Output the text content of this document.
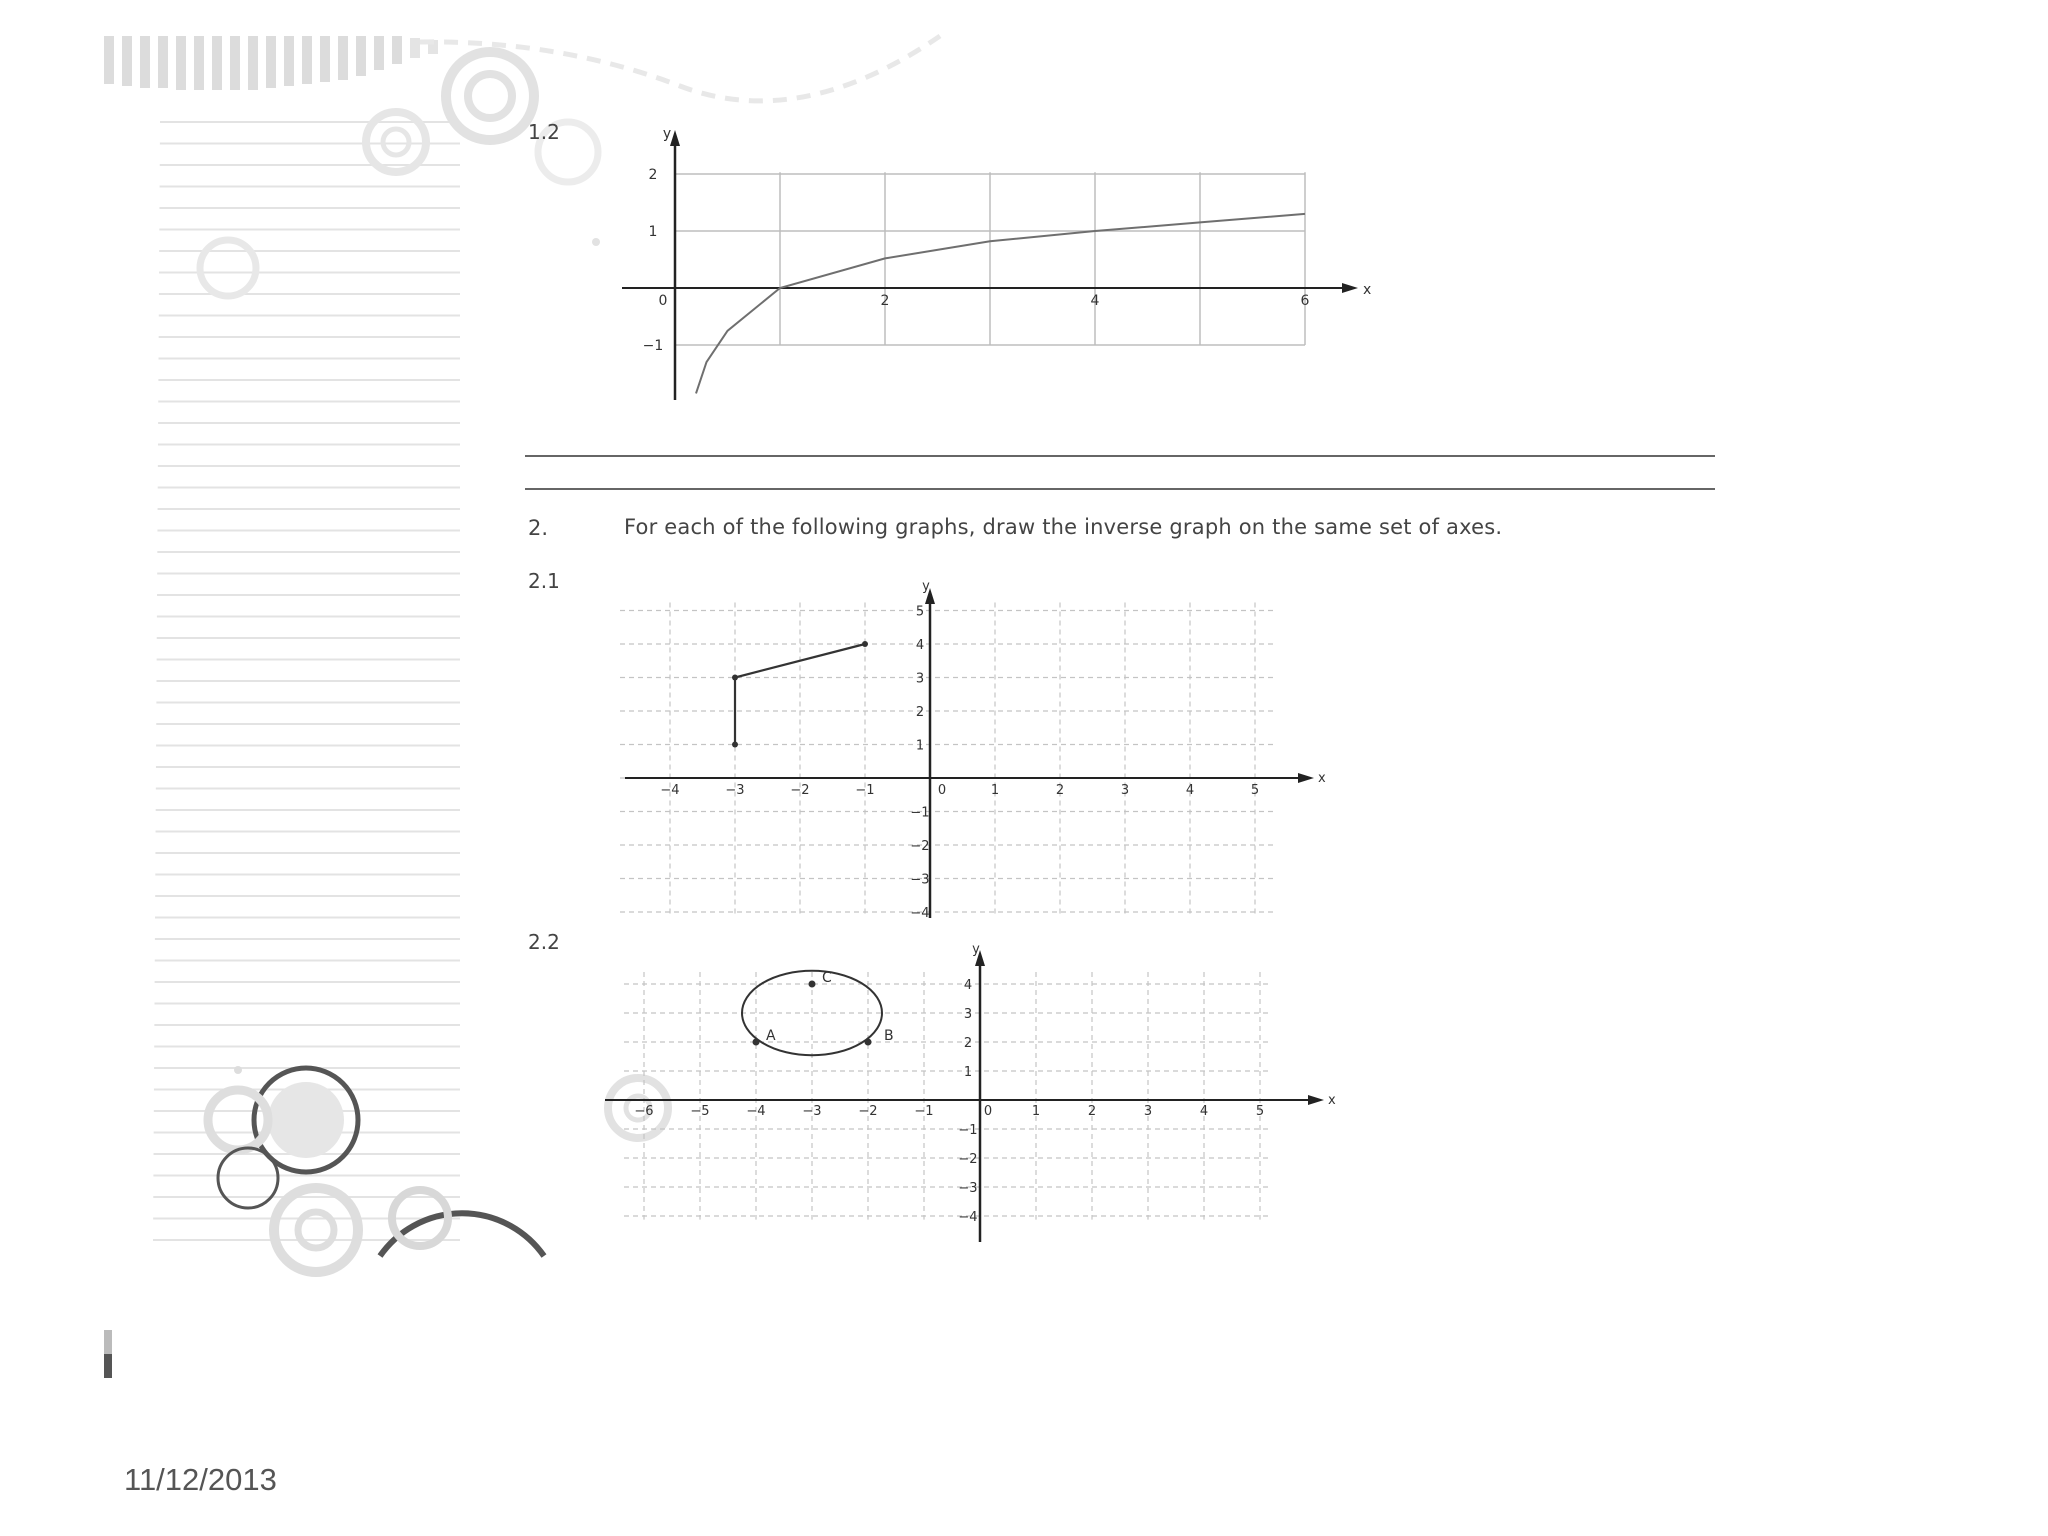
1.2
x
y
0	2	4	6
2
1
−1
2.	For each of the following graphs, draw the inverse graph on the same set of axes.
2.1
x
y
−4	−3	−2	−1	0	1	2	3	4	5
5
4
3
2
1
−1
−2
−3
−4
2.2
x
y
−6	−5	−4	−3	−2	−1	0	1	2	3	4	5
4
3
2
1
−1
−2
−3
−4
A	B
C
11/12/2013
